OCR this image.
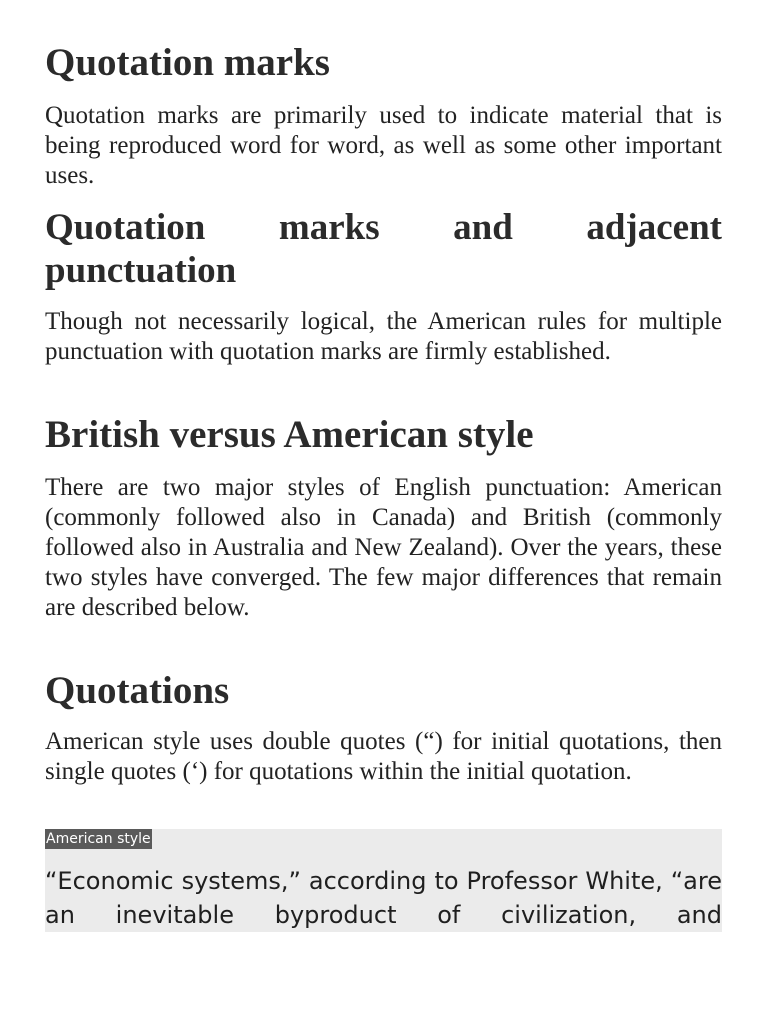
Quotation marks

Quotation marks are primarily used to indicate material that is being reproduced word for word, as well as some other important uses.

Quotation marks and adjacent punctuation

Though not necessarily logical, the American rules for multiple punctuation with quotation marks are firmly established.

British versus American style

There are two major styles of English punctuation: American (commonly followed also in Canada) and British (commonly followed also in Australia and New Zealand). Over the years, these two styles have converged. The few major differences that remain are described below.

Quotations

American style uses double quotes (“) for initial quotations, then single quotes (‘) for quotations within the initial quotation.

American style

“Economic systems,” according to Professor White, “are an inevitable byproduct of civilization, and
